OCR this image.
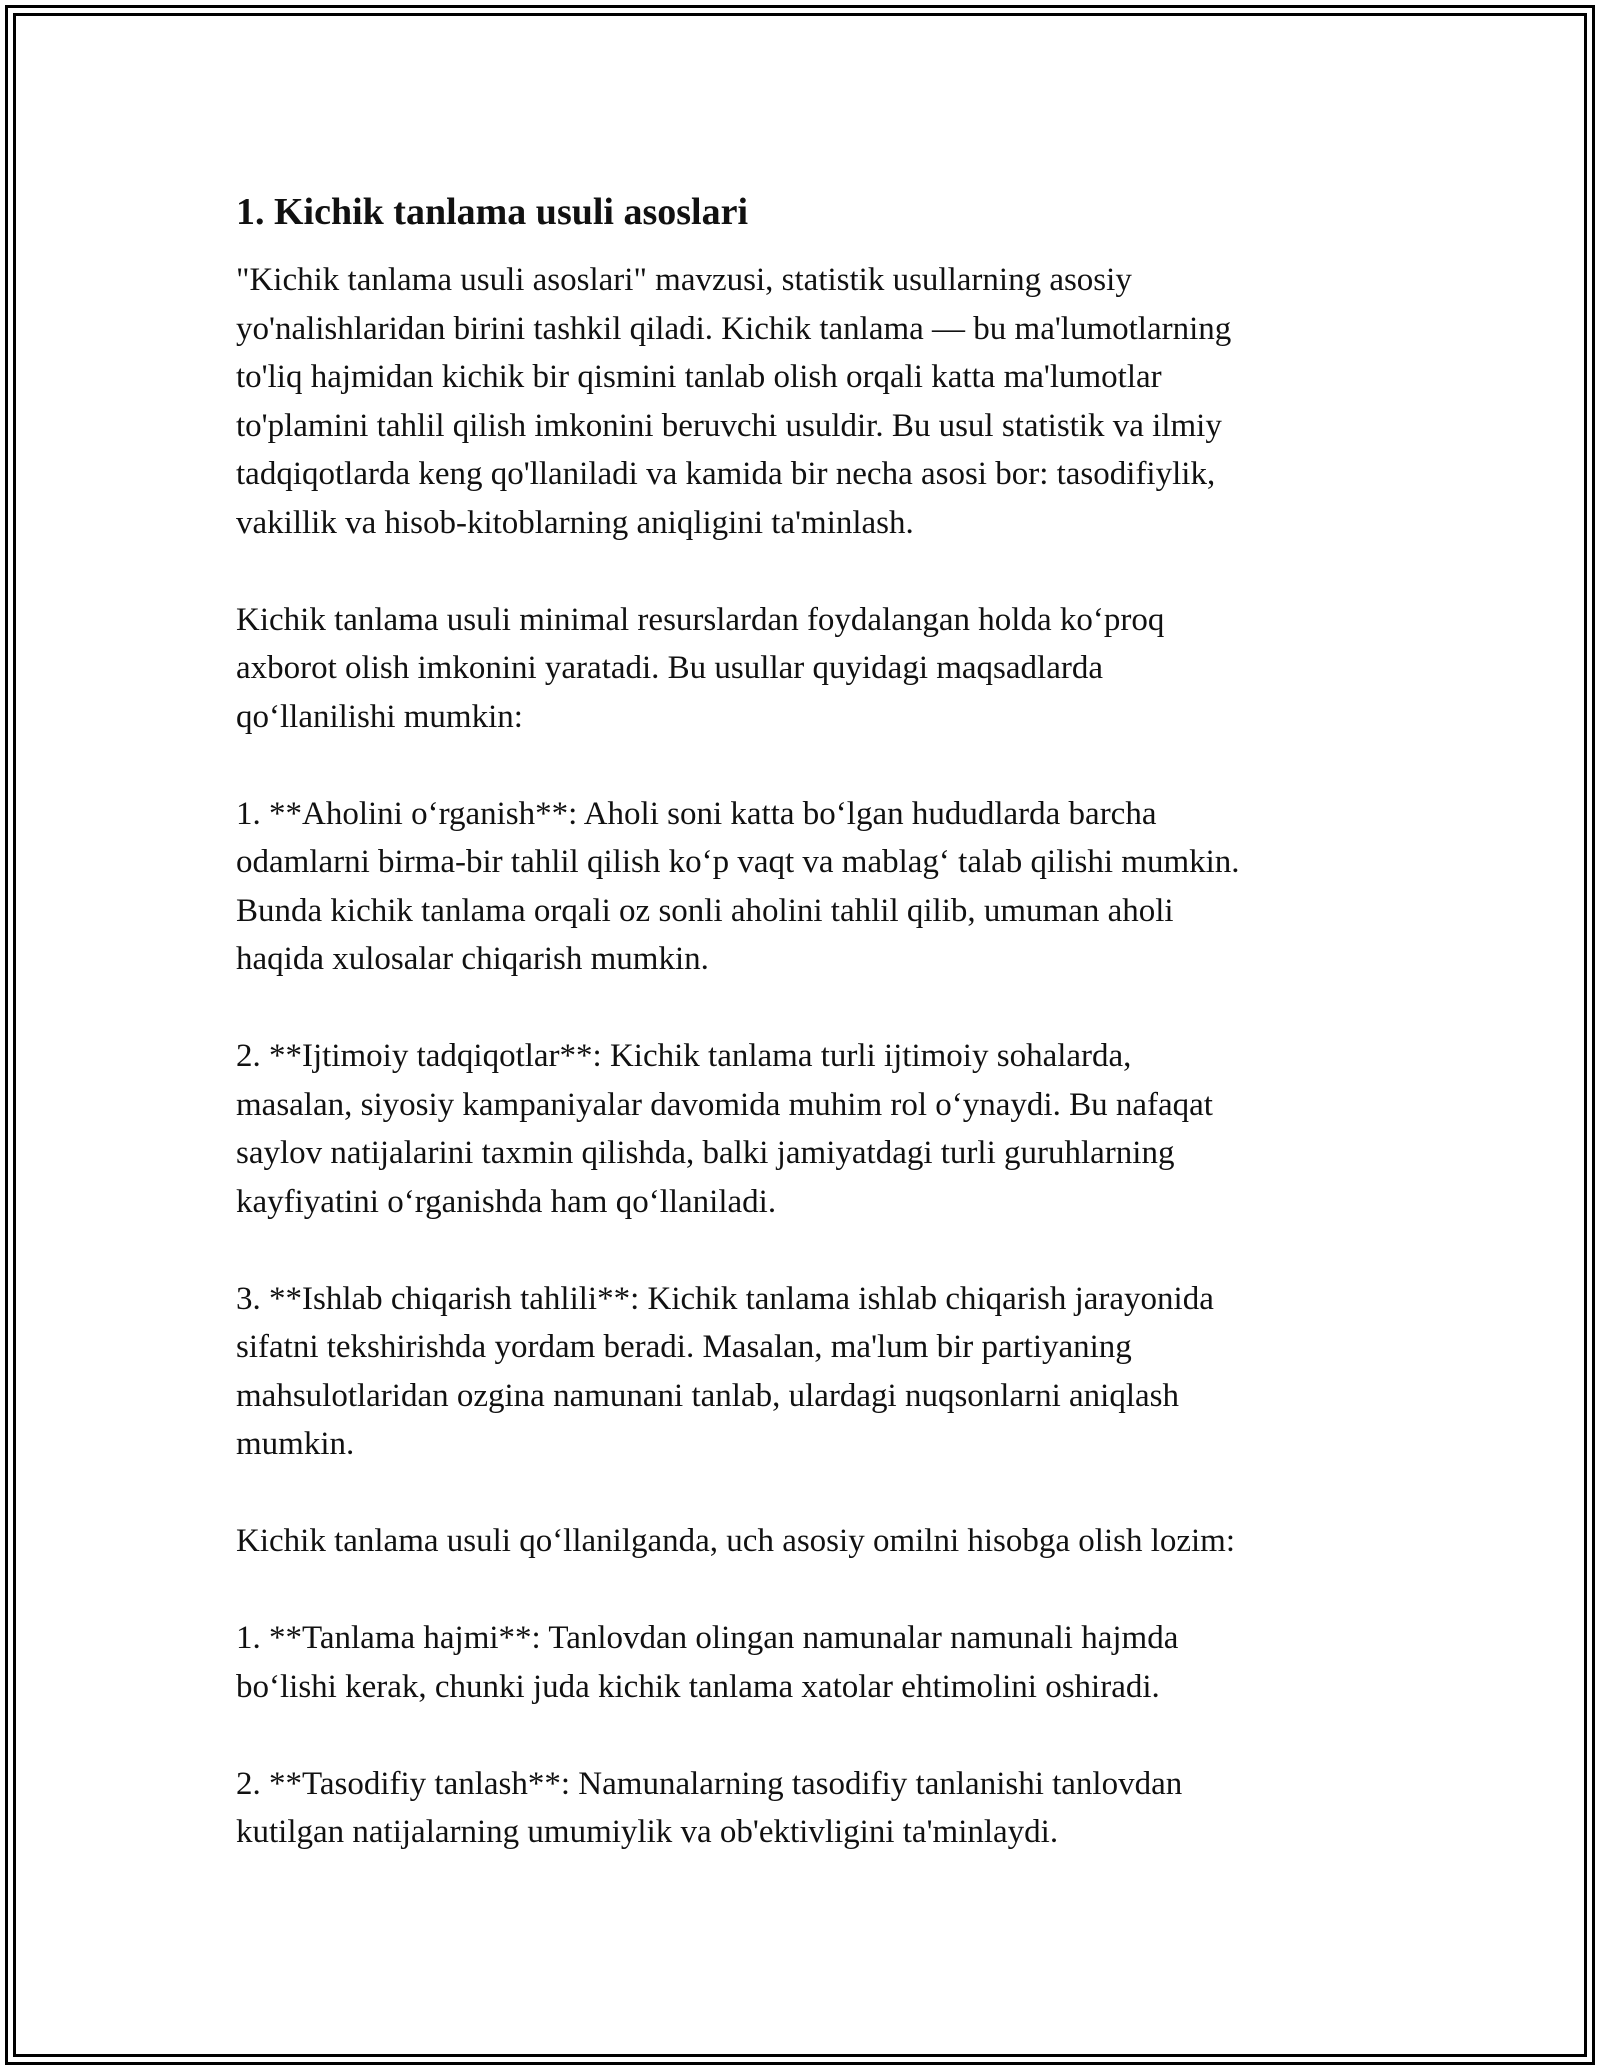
1. Kichik tanlama usuli asoslari

"Kichik tanlama usuli asoslari" mavzusi, statistik usullarning asosiy
yo'nalishlaridan birini tashkil qiladi. Kichik tanlama — bu ma'lumotlarning
to'liq hajmidan kichik bir qismini tanlab olish orqali katta ma'lumotlar
to'plamini tahlil qilish imkonini beruvchi usuldir. Bu usul statistik va ilmiy
tadqiqotlarda keng qo'llaniladi va kamida bir necha asosi bor: tasodifiylik,
vakillik va hisob-kitoblarning aniqligini ta'minlash.

Kichik tanlama usuli minimal resurslardan foydalangan holda koʻproq
axborot olish imkonini yaratadi. Bu usullar quyidagi maqsadlarda
qoʻllanilishi mumkin:

1. **Aholini oʻrganish**: Aholi soni katta boʻlgan hududlarda barcha
odamlarni birma-bir tahlil qilish koʻp vaqt va mablagʻ talab qilishi mumkin.
Bunda kichik tanlama orqali oz sonli aholini tahlil qilib, umuman aholi
haqida xulosalar chiqarish mumkin.

2. **Ijtimoiy tadqiqotlar**: Kichik tanlama turli ijtimoiy sohalarda,
masalan, siyosiy kampaniyalar davomida muhim rol oʻynaydi. Bu nafaqat
saylov natijalarini taxmin qilishda, balki jamiyatdagi turli guruhlarning
kayfiyatini oʻrganishda ham qoʻllaniladi.

3. **Ishlab chiqarish tahlili**: Kichik tanlama ishlab chiqarish jarayonida
sifatni tekshirishda yordam beradi. Masalan, ma'lum bir partiyaning
mahsulotlaridan ozgina namunani tanlab, ulardagi nuqsonlarni aniqlash
mumkin.

Kichik tanlama usuli qoʻllanilganda, uch asosiy omilni hisobga olish lozim:

1. **Tanlama hajmi**: Tanlovdan olingan namunalar namunali hajmda
boʻlishi kerak, chunki juda kichik tanlama xatolar ehtimolini oshiradi.

2. **Tasodifiy tanlash**: Namunalarning tasodifiy tanlanishi tanlovdan
kutilgan natijalarning umumiylik va ob'ektivligini ta'minlaydi.
